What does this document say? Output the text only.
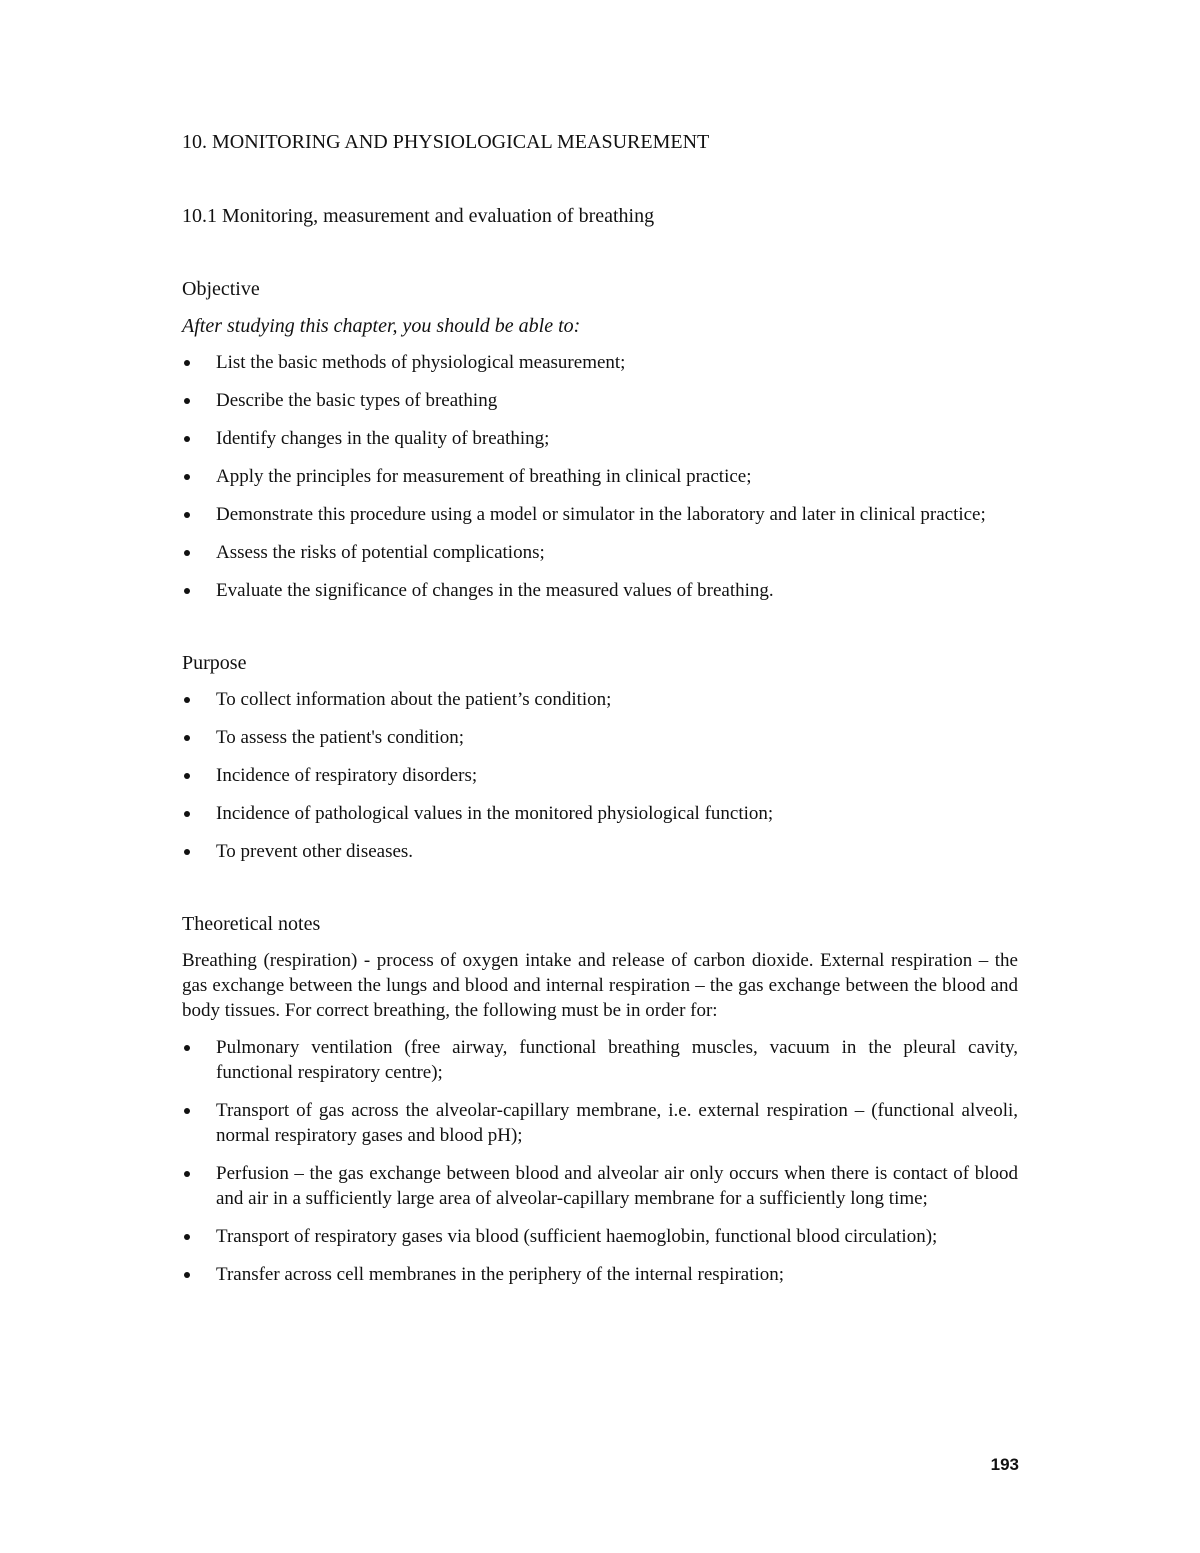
10. MONITORING AND PHYSIOLOGICAL MEASUREMENT
10.1 Monitoring, measurement and evaluation of breathing
Objective
After studying this chapter, you should be able to:
List the basic methods of physiological measurement;
Describe the basic types of breathing
Identify changes in the quality of breathing;
Apply the principles for measurement of breathing in clinical practice;
Demonstrate this procedure using a model or simulator in the laboratory and later in clinical practice;
Assess the risks of potential complications;
Evaluate the significance of changes in the measured values of breathing.
Purpose
To collect information about the patient’s condition;
To assess the patient's condition;
Incidence of respiratory disorders;
Incidence of pathological values in the monitored physiological function;
To prevent other diseases.
Theoretical notes

Breathing (respiration) - process of oxygen intake and release of carbon dioxide. External respiration – the gas exchange between the lungs and blood and internal respiration – the gas exchange between the blood and body tissues. For correct breathing, the following must be in order for:

Pulmonary ventilation (free airway, functional breathing muscles, vacuum in the pleural cavity, functional respiratory centre);
Transport of gas across the alveolar-capillary membrane, i.e. external respiration – (functional alveoli, normal respiratory gases and blood pH);
Perfusion – the gas exchange between blood and alveolar air only occurs when there is contact of blood and air in a sufficiently large area of alveolar-capillary membrane for a sufficiently long time;
Transport of respiratory gases via blood (sufficient haemoglobin, functional blood circulation);
Transfer across cell membranes in the periphery of the internal respiration;
193
